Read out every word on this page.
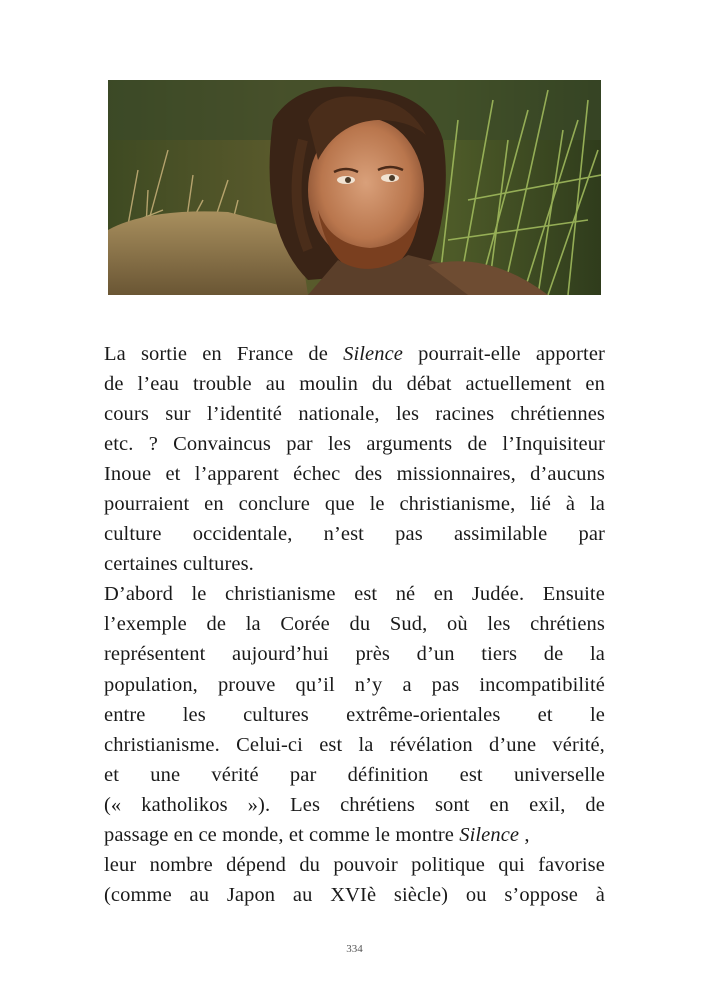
La sortie en France de Silence pourrait-elle apporter
de l’eau trouble au moulin du débat actuellement en
cours sur l’identité nationale, les racines chrétiennes
etc. ? Convaincus par les arguments de l’Inquisiteur
Inoue et l’apparent échec des missionnaires, d’aucuns
pourraient en conclure que le christianisme, lié à la
culture occidentale, n’est pas assimilable par
certaines cultures.
D’abord le christianisme est né en Judée. Ensuite
l’exemple de la Corée du Sud, où les chrétiens
représentent aujourd’hui près d’un tiers de la
population, prouve qu’il n’y a pas incompatibilité
entre les cultures extrême-orientales et le
christianisme. Celui-ci est la révélation d’une vérité,
et une vérité par définition est universelle
(« katholikos »). Les chrétiens sont en exil, de
passage en ce monde, et comme le montre Silence ,
leur nombre dépend du pouvoir politique qui favorise
(comme au Japon au XVIè siècle) ou s’oppose à
334
